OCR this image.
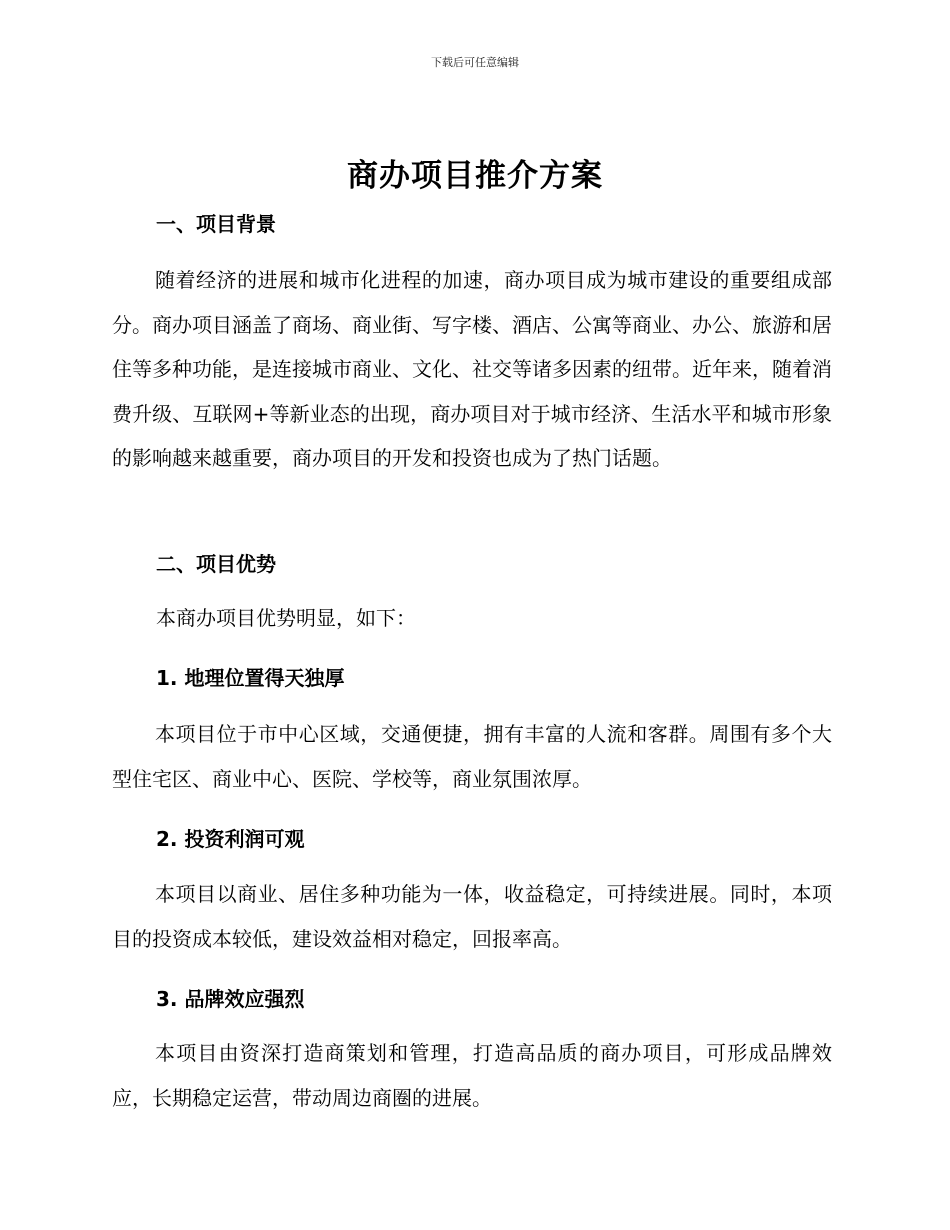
下载后可任意编辑
商办项目推介方案
一、项目背景

随着经济的进展和城市化进程的加速，商办项目成为城市建设的重要组成部分。商办项目涵盖了商场、商业街、写字楼、酒店、公寓等商业、办公、旅游和居住等多种功能，是连接城市商业、文化、社交等诸多因素的纽带。近年来，随着消费升级、互联网+等新业态的出现，商办项目对于城市经济、生活水平和城市形象的影响越来越重要，商办项目的开发和投资也成为了热门话题。

二、项目优势

本商办项目优势明显，如下：

1. 地理位置得天独厚

本项目位于市中心区域，交通便捷，拥有丰富的人流和客群。周围有多个大型住宅区、商业中心、医院、学校等，商业氛围浓厚。

2. 投资利润可观

本项目以商业、居住多种功能为一体，收益稳定，可持续进展。同时，本项目的投资成本较低，建设效益相对稳定，回报率高。

3. 品牌效应强烈

本项目由资深打造商策划和管理，打造高品质的商办项目，可形成品牌效应，长期稳定运营，带动周边商圈的进展。
